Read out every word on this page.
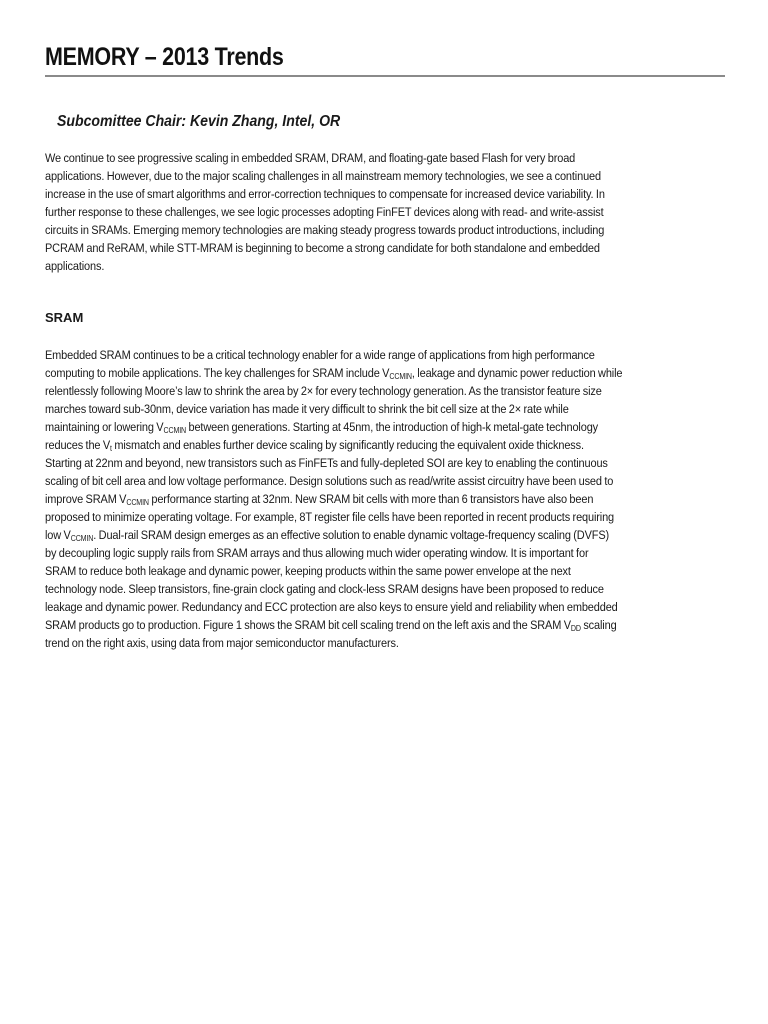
MEMORY – 2013 Trends
Subcomittee Chair: Kevin Zhang, Intel, OR
We continue to see progressive scaling in embedded SRAM, DRAM, and floating-gate based Flash for very broad
applications. However, due to the major scaling challenges in all mainstream memory technologies, we see a continued
increase in the use of smart algorithms and error-correction techniques to compensate for increased device variability. In
further response to these challenges, we see logic processes adopting FinFET devices along with read- and write-assist
circuits in SRAMs. Emerging memory technologies are making steady progress towards product introductions, including
PCRAM and ReRAM, while STT-MRAM is beginning to become a strong candidate for both standalone and embedded
applications.
SRAM
Embedded SRAM continues to be a critical technology enabler for a wide range of applications from high performance
computing to mobile applications. The key challenges for SRAM include $V_{CCMIN}$, leakage and dynamic power reduction while
relentlessly following Moore’s law to shrink the area by 2× for every technology generation. As the transistor feature size
marches toward sub-30nm, device variation has made it very difficult to shrink the bit cell size at the 2× rate while
maintaining or lowering $V_{CCMIN}$ between generations. Starting at 45nm, the introduction of high-k metal-gate technology
reduces the $V_t$ mismatch and enables further device scaling by significantly reducing the equivalent oxide thickness.
Starting at 22nm and beyond, new transistors such as FinFETs and fully-depleted SOI are key to enabling the continuous
scaling of bit cell area and low voltage performance. Design solutions such as read/write assist circuitry have been used to
improve SRAM $V_{CCMIN}$ performance starting at 32nm. New SRAM bit cells with more than 6 transistors have also been
proposed to minimize operating voltage. For example, 8T register file cells have been reported in recent products requiring
low $V_{CCMIN}$. Dual-rail SRAM design emerges as an effective solution to enable dynamic voltage-frequency scaling (DVFS)
by decoupling logic supply rails from SRAM arrays and thus allowing much wider operating window. It is important for
SRAM to reduce both leakage and dynamic power, keeping products within the same power envelope at the next
technology node. Sleep transistors, fine-grain clock gating and clock-less SRAM designs have been proposed to reduce
leakage and dynamic power. Redundancy and ECC protection are also keys to ensure yield and reliability when embedded
SRAM products go to production. Figure 1 shows the SRAM bit cell scaling trend on the left axis and the SRAM $V_{DD}$ scaling
trend on the right axis, using data from major semiconductor manufacturers.
